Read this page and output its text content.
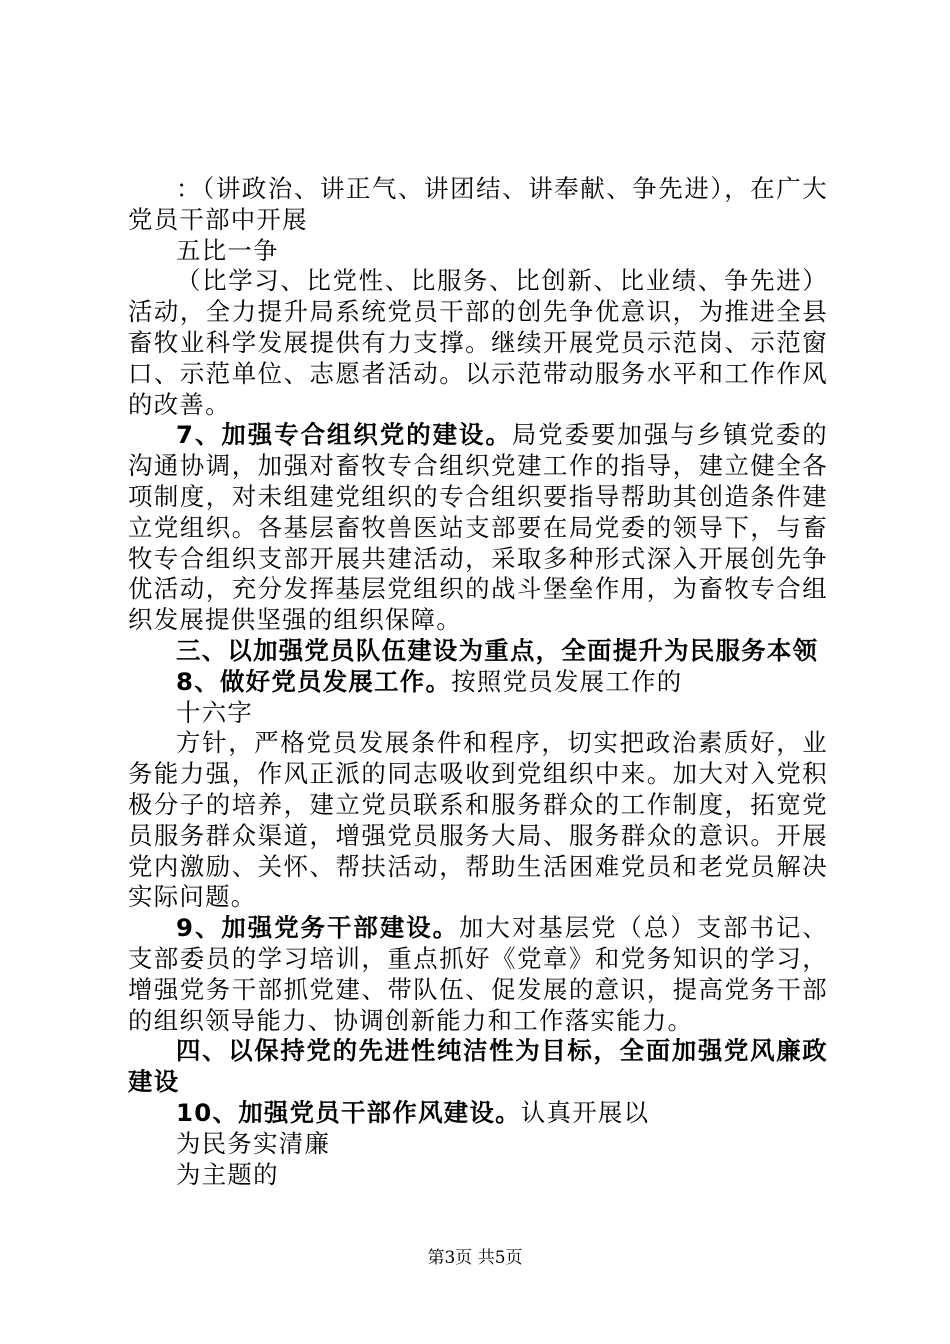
：（讲政治、讲正气、讲团结、讲奉献、争先进），在广大党员干部中开展

五比一争

（比学习、比党性、比服务、比创新、比业绩、争先进）活动，全力提升局系统党员干部的创先争优意识，为推进全县畜牧业科学发展提供有力支撑。继续开展党员示范岗、示范窗口、示范单位、志愿者活动。以示范带动服务水平和工作作风的改善。

7、加强专合组织党的建设。局党委要加强与乡镇党委的沟通协调，加强对畜牧专合组织党建工作的指导，建立健全各项制度，对未组建党组织的专合组织要指导帮助其创造条件建立党组织。各基层畜牧兽医站支部要在局党委的领导下，与畜牧专合组织支部开展共建活动，采取多种形式深入开展创先争优活动，充分发挥基层党组织的战斗堡垒作用，为畜牧专合组织发展提供坚强的组织保障。

三、以加强党员队伍建设为重点，全面提升为民服务本领

8、做好党员发展工作。按照党员发展工作的

十六字

方针，严格党员发展条件和程序，切实把政治素质好，业务能力强，作风正派的同志吸收到党组织中来。加大对入党积极分子的培养，建立党员联系和服务群众的工作制度，拓宽党员服务群众渠道，增强党员服务大局、服务群众的意识。开展党内激励、关怀、帮扶活动，帮助生活困难党员和老党员解决实际问题。

9、加强党务干部建设。加大对基层党（总）支部书记、支部委员的学习培训，重点抓好《党章》和党务知识的学习，增强党务干部抓党建、带队伍、促发展的意识，提高党务干部的组织领导能力、协调创新能力和工作落实能力。

四、以保持党的先进性纯洁性为目标，全面加强党风廉政建设

10、加强党员干部作风建设。认真开展以

为民务实清廉

为主题的

第3页 共5页
